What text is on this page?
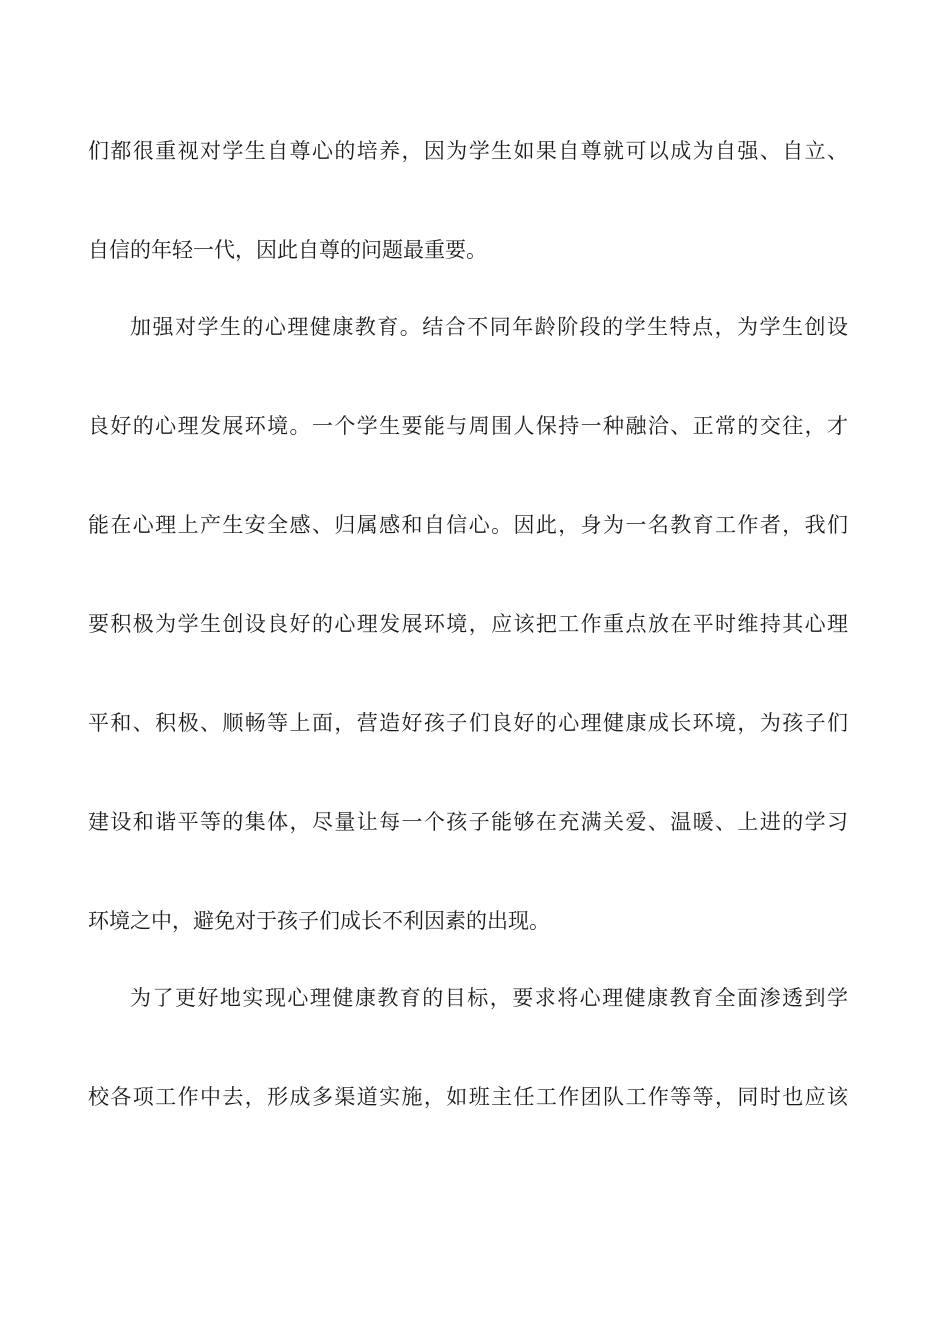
们都很重视对学生自尊心的培养，因为学生如果自尊就可以成为自强、自立、
自信的年轻一代，因此自尊的问题最重要。
加强对学生的心理健康教育。结合不同年龄阶段的学生特点，为学生创设
良好的心理发展环境。一个学生要能与周围人保持一种融洽、正常的交往，才
能在心理上产生安全感、归属感和自信心。因此，身为一名教育工作者，我们
要积极为学生创设良好的心理发展环境，应该把工作重点放在平时维持其心理
平和、积极、顺畅等上面，营造好孩子们良好的心理健康成长环境，为孩子们
建设和谐平等的集体，尽量让每一个孩子能够在充满关爱、温暖、上进的学习
环境之中，避免对于孩子们成长不利因素的出现。
为了更好地实现心理健康教育的目标，要求将心理健康教育全面渗透到学
校各项工作中去，形成多渠道实施，如班主任工作团队工作等等，同时也应该
